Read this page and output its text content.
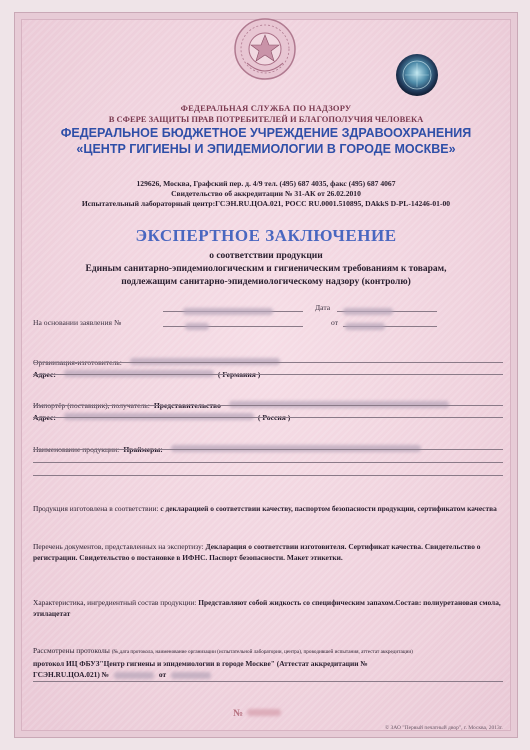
ФЕДЕРАЛЬНАЯ СЛУЖБА ПО НАДЗОРУ
В СФЕРЕ ЗАЩИТЫ ПРАВ ПОТРЕБИТЕЛЕЙ И БЛАГОПОЛУЧИЯ ЧЕЛОВЕКА
ФЕДЕРАЛЬНОЕ БЮДЖЕТНОЕ УЧРЕЖДЕНИЕ ЗДРАВООХРАНЕНИЯ
«ЦЕНТР ГИГИЕНЫ И ЭПИДЕМИОЛОГИИ В ГОРОДЕ МОСКВЕ»
129626, Москва, Графский пер. д. 4/9 тел. (495) 687 4035, факс (495) 687 4067
Свидетельство об аккредитации № 31-АК от 26.02.2010
Испытательный лабораторный центр:ГСЭН.RU.ЦОА.021, РОСС RU.0001.510895, DAkkS D-PL-14246-01-00
ЭКСПЕРТНОЕ ЗАКЛЮЧЕНИЕ
о соответствии продукции
Единым санитарно-эпидемиологическим и гигиеническим требованиям к товарам,
подлежащим санитарно-эпидемиологическому надзору (контролю)
Дата
На основании заявления №	от
Организация-изготовитель:
Адрес:	( Германия )
Импортёр (поставщик), получатель: Представительство
Адрес:	( Россия )
Наименование продукции: Праймеры:
Продукция изготовлена в соответствии: с декларацией о соответствии качеству, паспортом безопасности продукции, сертификатом качества
Перечень документов, представленных на экспертизу: Декларация о соответствии изготовителя. Сертификат качества. Свидетельство о регистрации. Свидетельство о постановке в ИФНС. Паспорт безопасности. Макет этикетки.
Характеристика, ингредиентный состав продукции: Представляют собой жидкость со специфическим запахом.Состав: полиуретановая смола, этилацетат
Рассмотрены протоколы (№,дата протокола, наименование организации (испытательной лаборатории, центра), проводившей испытания, аттестат аккредитации)
протокол ИЦ ФБУЗ"Центр гигиены и эпидемиологии в городе Москве" (Аттестат аккредитации №
ГСЭН.RU.ЦОА.021) №	от
№
© ЗАО "Первый печатный двор", г. Москва, 2013г.
